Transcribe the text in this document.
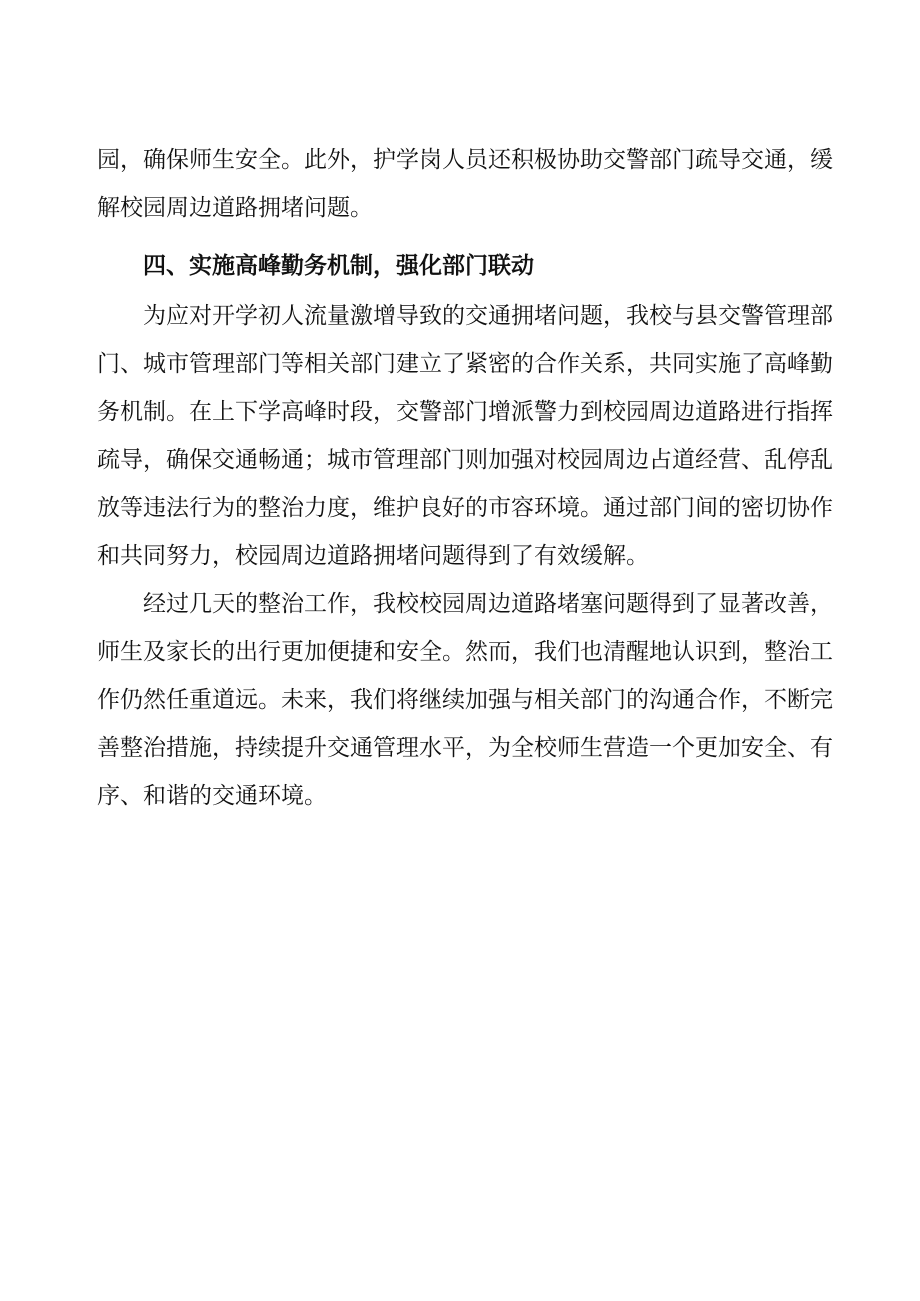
园，确保师生安全。此外，护学岗人员还积极协助交警部门疏导交通，缓解校园周边道路拥堵问题。

四、实施高峰勤务机制，强化部门联动

为应对开学初人流量激增导致的交通拥堵问题，我校与县交警管理部门、城市管理部门等相关部门建立了紧密的合作关系，共同实施了高峰勤务机制。在上下学高峰时段，交警部门增派警力到校园周边道路进行指挥疏导，确保交通畅通；城市管理部门则加强对校园周边占道经营、乱停乱放等违法行为的整治力度，维护良好的市容环境。通过部门间的密切协作和共同努力，校园周边道路拥堵问题得到了有效缓解。

经过几天的整治工作，我校校园周边道路堵塞问题得到了显著改善，师生及家长的出行更加便捷和安全。然而，我们也清醒地认识到，整治工作仍然任重道远。未来，我们将继续加强与相关部门的沟通合作，不断完善整治措施，持续提升交通管理水平，为全校师生营造一个更加安全、有序、和谐的交通环境。
